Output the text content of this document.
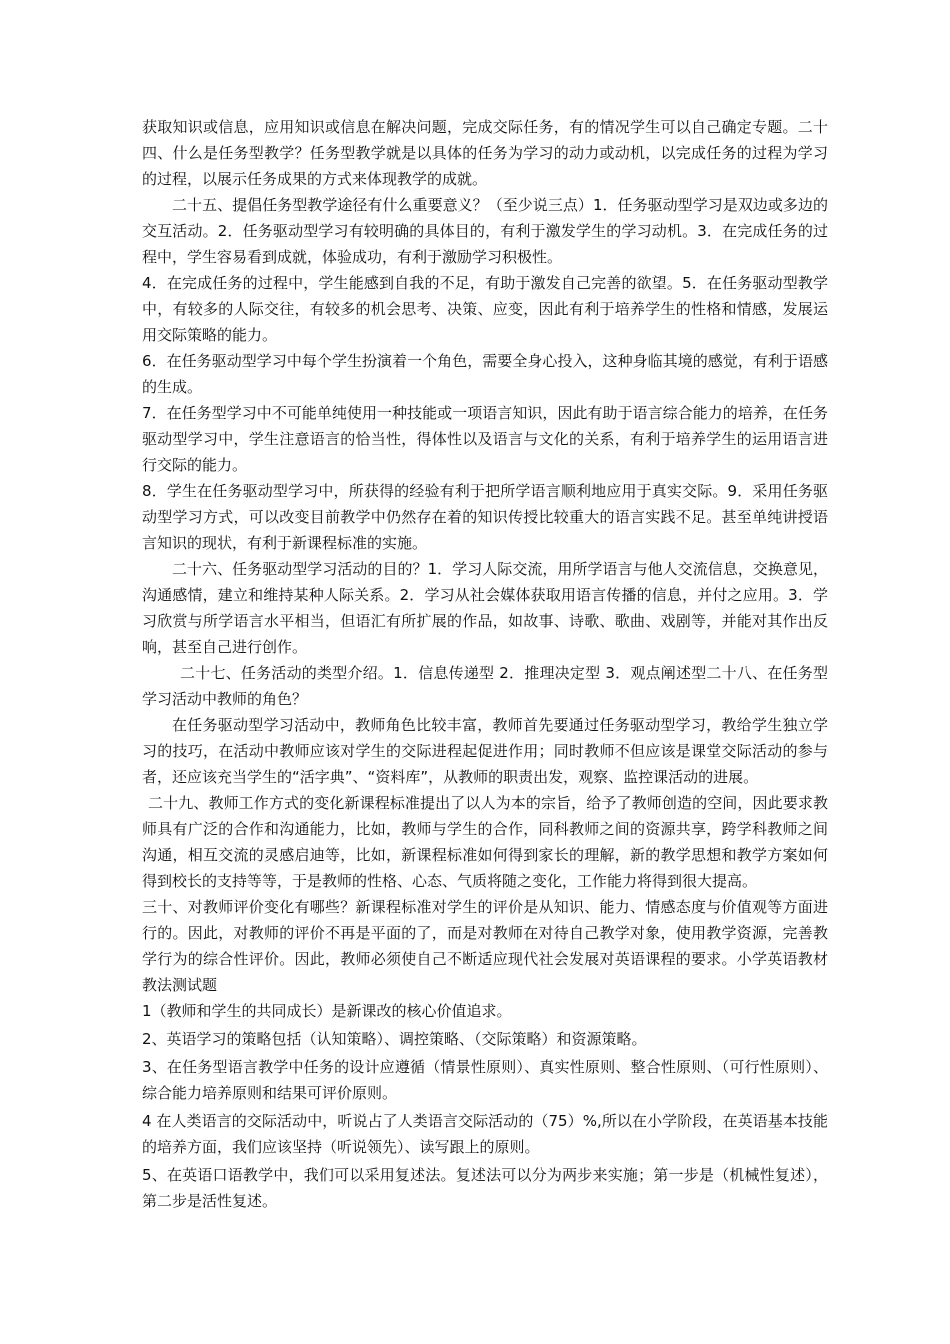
获取知识或信息，应用知识或信息在解决问题，完成交际任务，有的情况学生可以自己确定专题。二十四、什么是任务型教学？任务型教学就是以具体的任务为学习的动力或动机，以完成任务的过程为学习的过程，以展示任务成果的方式来体现教学的成就。

二十五、提倡任务型教学途径有什么重要意义？（至少说三点）1．任务驱动型学习是双边或多边的交互活动。2．任务驱动型学习有较明确的具体目的，有利于激发学生的学习动机。3．在完成任务的过程中，学生容易看到成就，体验成功，有利于激励学习积极性。

4．在完成任务的过程中，学生能感到自我的不足，有助于激发自己完善的欲望。5．在任务驱动型教学中，有较多的人际交往，有较多的机会思考、决策、应变，因此有利于培养学生的性格和情感，发展运用交际策略的能力。

6．在任务驱动型学习中每个学生扮演着一个角色，需要全身心投入，这种身临其境的感觉，有利于语感的生成。

7．在任务型学习中不可能单纯使用一种技能或一项语言知识，因此有助于语言综合能力的培养，在任务驱动型学习中，学生注意语言的恰当性，得体性以及语言与文化的关系，有利于培养学生的运用语言进行交际的能力。

8．学生在任务驱动型学习中，所获得的经验有利于把所学语言顺利地应用于真实交际。9．采用任务驱动型学习方式，可以改变目前教学中仍然存在着的知识传授比较重大的语言实践不足。甚至单纯讲授语言知识的现状，有利于新课程标准的实施。

二十六、任务驱动型学习活动的目的？1．学习人际交流，用所学语言与他人交流信息，交换意见，沟通感情，建立和维持某种人际关系。2．学习从社会媒体获取用语言传播的信息，并付之应用。3．学习欣赏与所学语言水平相当，但语汇有所扩展的作品，如故事、诗歌、歌曲、戏剧等，并能对其作出反响，甚至自己进行创作。

二十七、任务活动的类型介绍。1．信息传递型 2．推理决定型 3．观点阐述型二十八、在任务型学习活动中教师的角色？

在任务驱动型学习活动中，教师角色比较丰富，教师首先要通过任务驱动型学习，教给学生独立学习的技巧，在活动中教师应该对学生的交际进程起促进作用；同时教师不但应该是课堂交际活动的参与者，还应该充当学生的“活字典”、“资料库”，从教师的职责出发，观察、监控课活动的进展。

二十九、教师工作方式的变化新课程标准提出了以人为本的宗旨，给予了教师创造的空间，因此要求教师具有广泛的合作和沟通能力，比如，教师与学生的合作，同科教师之间的资源共享，跨学科教师之间沟通，相互交流的灵感启迪等，比如，新课程标准如何得到家长的理解，新的教学思想和教学方案如何得到校长的支持等等，于是教师的性格、心态、气质将随之变化，工作能力将得到很大提高。

三十、对教师评价变化有哪些？新课程标准对学生的评价是从知识、能力、情感态度与价值观等方面进行的。因此，对教师的评价不再是平面的了，而是对教师在对待自己教学对象，使用教学资源，完善教学行为的综合性评价。因此，教师必须使自己不断适应现代社会发展对英语课程的要求。小学英语教材教法测试题

1（教师和学生的共同成长）是新课改的核心价值追求。

2、英语学习的策略包括（认知策略）、调控策略、（交际策略）和资源策略。

3、在任务型语言教学中任务的设计应遵循（情景性原则）、真实性原则、整合性原则、（可行性原则）、综合能力培养原则和结果可评价原则。

4 在人类语言的交际活动中，听说占了人类语言交际活动的（75）%,所以在小学阶段，在英语基本技能的培养方面，我们应该坚持（听说领先）、读写跟上的原则。

5、在英语口语教学中，我们可以采用复述法。复述法可以分为两步来实施；第一步是（机械性复述），第二步是活性复述。
